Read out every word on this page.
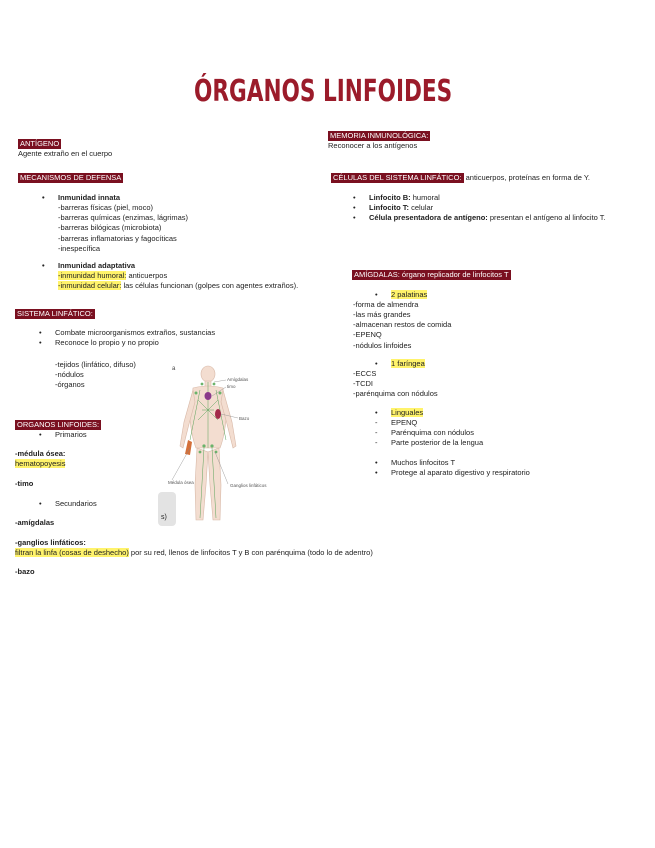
ÓRGANOS LINFOIDES
ANTÍGENO
Agente extraño en el cuerpo
MEMORIA INMUNOLÓGICA:
Reconocer a los antígenos
MECANISMOS DE DEFENSA
• Inmunidad innata
-barreras físicas (piel, moco)
-barreras químicas (enzimas, lágrimas)
-barreras bilógicas (microbiota)
-barreras inflamatorias y fagocíticas
-inespecífica
• Inmunidad adaptativa
-inmunidad humoral: anticuerpos
-inmunidad celular: las células funcionan (golpes con agentes extraños).
CÉLULAS DEL SISTEMA LINFÁTICO: anticuerpos, proteínas en forma de Y.
• Linfocito B: humoral
• Linfocito T: celular
• Célula presentadora de antígeno: presentan el antígeno al linfocito T.
AMÍGDALAS: órgano replicador de linfocitos T
• 2 palatinas
-forma de almendra
-las más grandes
-almacenan restos de comida
-EPENQ
-nódulos linfoides
• 1 faríngea
-ECCS
-TCDI
-parénquima con nódulos
• Linguales
- EPENQ
- Parénquima con nódulos
- Parte posterior de la lengua
• Muchos linfocitos T
• Protege al aparato digestivo y respiratorio
SISTEMA LINFÁTICO:
• Combate microorganismos extraños, sustancias
• Reconoce lo propio y no propio
-tejidos (linfático, difuso)
-nódulos
-órganos
s)
a
Amígdalas
timo
Bazo
Médula ósea
Ganglios linfáticos
ORGANOS LINFOIDES:
• Primarios
-médula ósea:
hematopoyesis
-timo
• Secundarios
-amígdalas
-ganglios linfáticos:
filtran la linfa (cosas de deshecho) por su red, llenos de linfocitos T y B con parénquima (todo lo de adentro)
-bazo
